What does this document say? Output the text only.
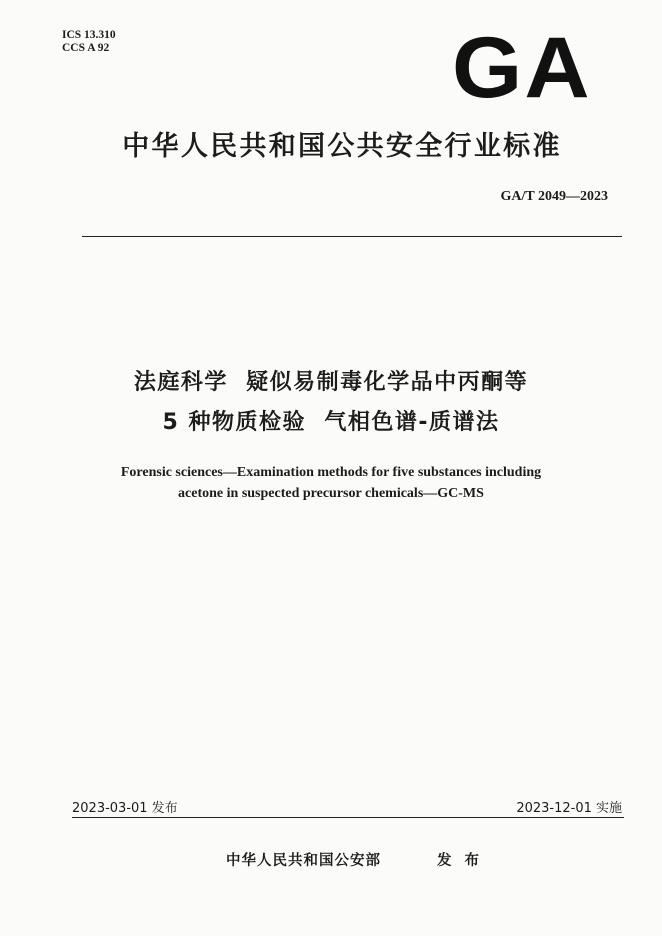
ICS 13.310
CCS A 92	GA
中华人民共和国公共安全行业标准
GA/T 2049—2023
法庭科学  疑似易制毒化学品中丙酮等
5 种物质检验  气相色谱-质谱法
Forensic sciences—Examination methods for five substances including
acetone in suspected precursor chemicals—GC-MS
2023-03-01 发布	2023-12-01 实施
中华人民共和国公安部	发 布
